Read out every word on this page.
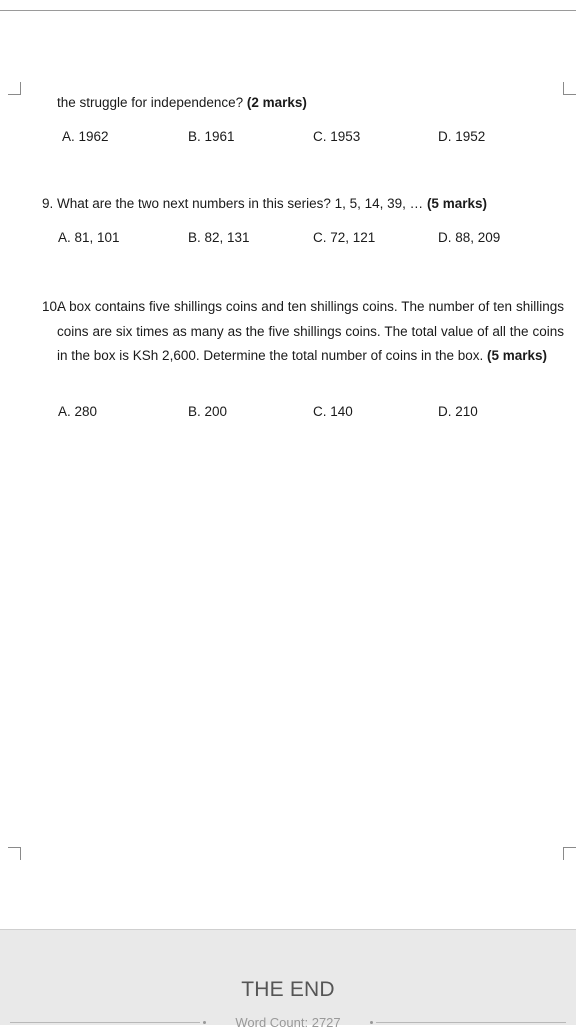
the struggle for independence? (2 marks)
A. 1962	B. 1961	C. 1953	D. 1952
9. What are the two next numbers in this series? 1, 5, 14, 39, … (5 marks)
A. 81, 101	B. 82, 131	C. 72, 121	D. 88, 209
10.
A box contains five shillings coins and ten shillings coins. The number of ten shillings coins are six times as many as the five shillings coins. The total value of all the coins in the box is KSh 2,600. Determine the total number of coins in the box. (5 marks)
A. 280	B. 200	C. 140	D. 210
THE END
Word Count: 2727
